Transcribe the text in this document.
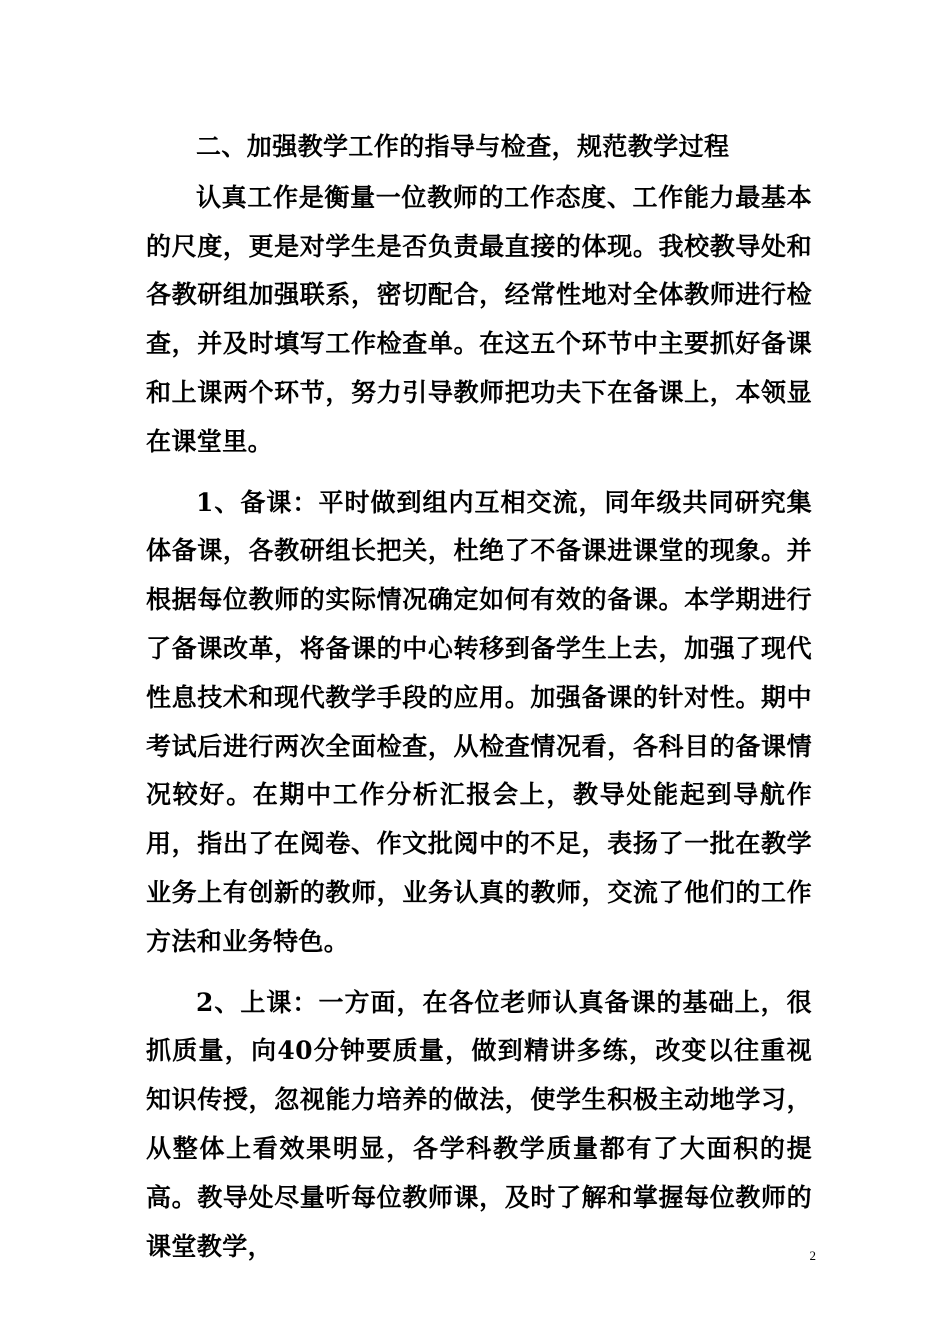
二、加强教学工作的指导与检查，规范教学过程

认真工作是衡量一位教师的工作态度、工作能力最基本的尺度，更是对学生是否负责最直接的体现。我校教导处和各教研组加强联系，密切配合，经常性地对全体教师进行检查，并及时填写工作检查单。在这五个环节中主要抓好备课和上课两个环节，努力引导教师把功夫下在备课上，本领显在课堂里。

1、备课：平时做到组内互相交流，同年级共同研究集体备课，各教研组长把关，杜绝了不备课进课堂的现象。并根据每位教师的实际情况确定如何有效的备课。本学期进行了备课改革，将备课的中心转移到备学生上去，加强了现代性息技术和现代教学手段的应用。加强备课的针对性。期中考试后进行两次全面检查，从检查情况看，各科目的备课情况较好。在期中工作分析汇报会上，教导处能起到导航作用，指出了在阅卷、作文批阅中的不足，表扬了一批在教学业务上有创新的教师，业务认真的教师，交流了他们的工作方法和业务特色。

2、上课：一方面，在各位老师认真备课的基础上，很抓质量，向40分钟要质量，做到精讲多练，改变以往重视知识传授，忽视能力培养的做法，使学生积极主动地学习，从整体上看效果明显，各学科教学质量都有了大面积的提高。教导处尽量听每位教师课，及时了解和掌握每位教师的课堂教学，	2
